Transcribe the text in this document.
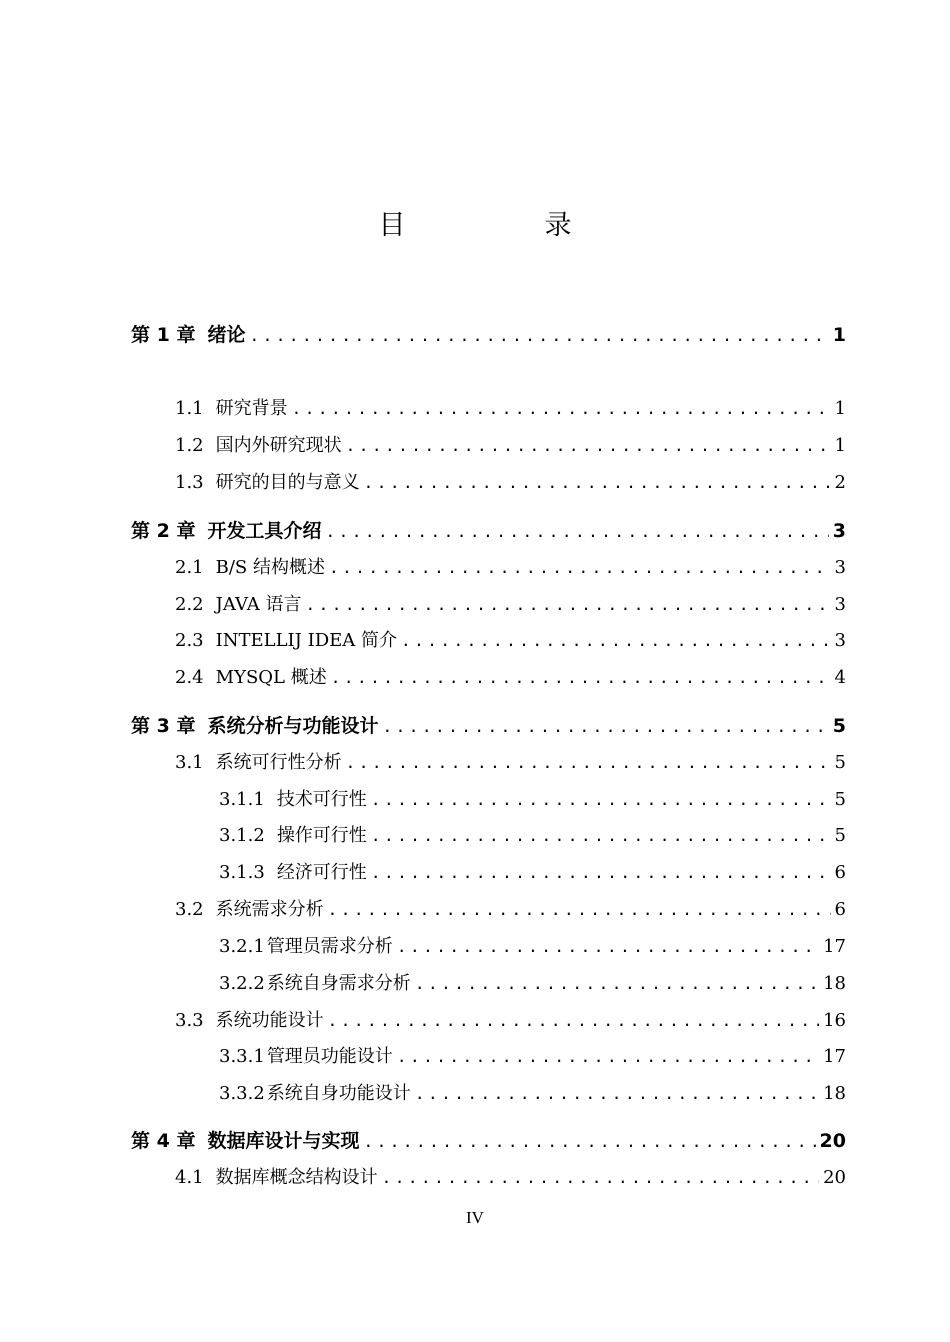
目　录
第 1 章 绪论 .....	1
1.1 研究背景 .....	1
1.2 国内外研究现状 .....	1
1.3 研究的目的与意义 .....	2
第 2 章 开发工具介绍 .....	3
2.1 B/S 结构概述 .....	3
2.2 JAVA 语言 .....	3
2.3 INTELLIJ IDEA 简介 .....	3
2.4 MYSQL 概述 .....	4
第 3 章 系统分析与功能设计 .....	5
3.1 系统可行性分析 .....	5
3.1.1 技术可行性 .....	5
3.1.2 操作可行性 .....	5
3.1.3 经济可行性 .....	6
3.2 系统需求分析 .....	6
3.2.1 管理员需求分析 .....	17
3.2.2 系统自身需求分析 .....	18
3.3 系统功能设计 .....	16
3.3.1 管理员功能设计 .....	17
3.3.2 系统自身功能设计 .....	18
第 4 章 数据库设计与实现 .....	20
4.1 数据库概念结构设计 .....	20
IV
